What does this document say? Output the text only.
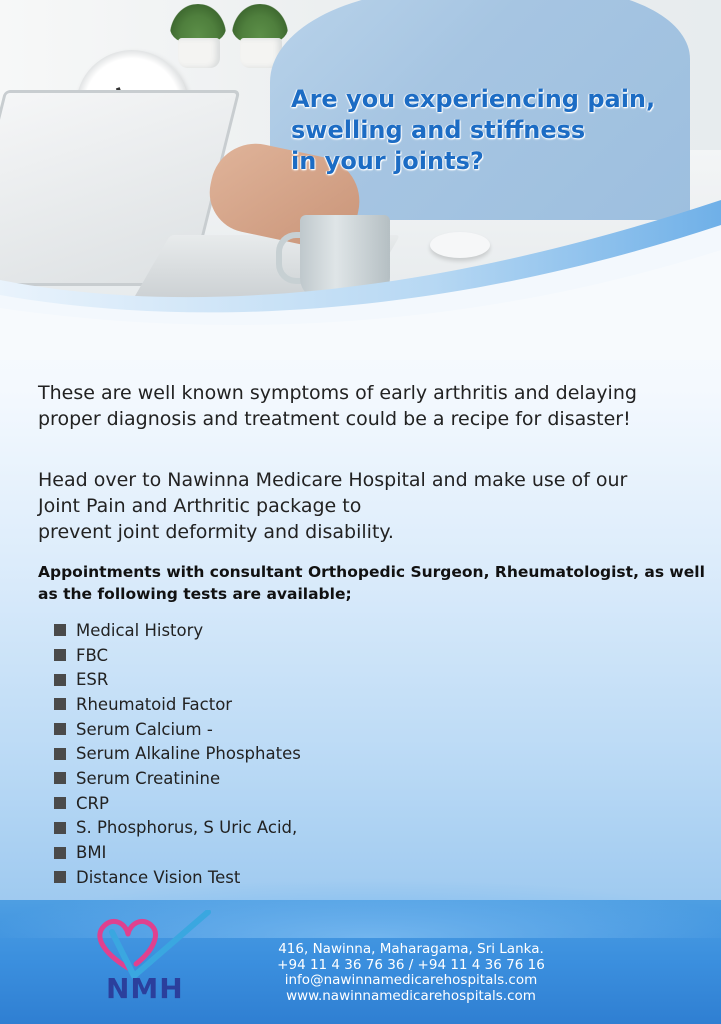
Are you experiencing pain,
swelling and stiffness
in your joints?

These are well known symptoms of early arthritis and delaying proper diagnosis and treatment could be a recipe for disaster!

Head over to Nawinna Medicare Hospital and make use of our
Joint Pain and Arthritic package to
prevent joint deformity and disability.

Appointments with consultant Orthopedic Surgeon, Rheumatologist, as well as the following tests are available;

Medical History
FBC
ESR
Rheumatoid Factor
Serum Calcium -
Serum Alkaline Phosphates
Serum Creatinine
CRP
S. Phosphorus, S Uric Acid,
BMI

NMH

416, Nawinna, Maharagama, Sri Lanka.
+94 11 4 36 76 36 / +94 11 4 36 76 16
info@nawinnamedicarehospitals.com
www.nawinnamedicarehospitals.com
